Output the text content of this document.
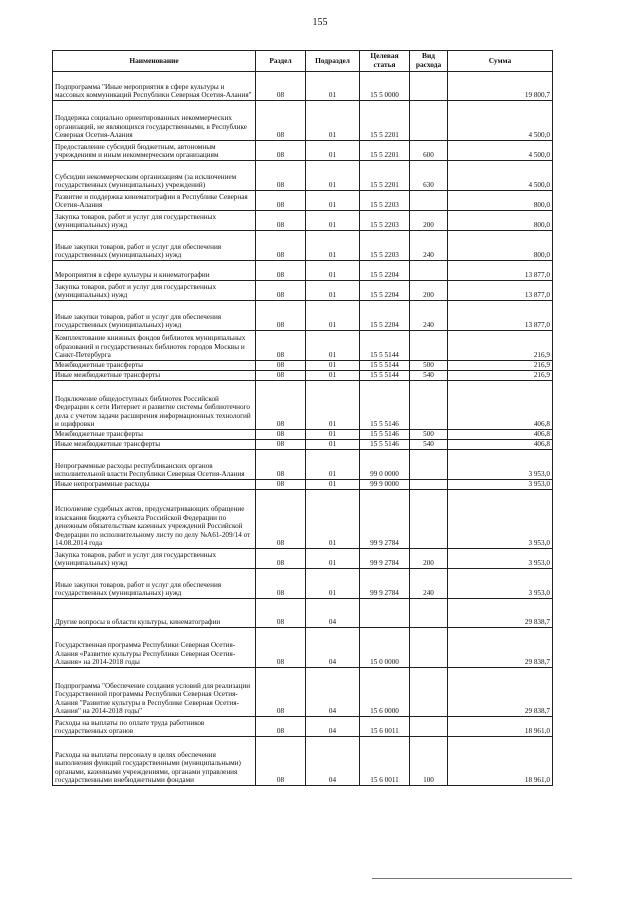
155
Наименование	Раздел	Подраздел	Целевая статья	Вид расхода	Сумма
Подпрограмма "Иные мероприятия в сфере культуры и массовых коммуникаций Республики Северная Осетия-Алания"	08	01	15 5 0000		19 800,7
Поддержка социально ориентированных некоммерческих организаций, не являющихся государственными, в Республике Северная Осетия-Алания	08	01	15 5 2201		4 500,0
Предоставление субсидий бюджетным, автономным учреждениям и иным некоммерческим организациям	08	01	15 5 2201	600	4 500,0
Субсидии некоммерческим организациям (за исключением государственных (муниципальных) учреждений)	08	01	15 5 2201	630	4 500,0
Развитие и поддержка кинематографии в Республике Северная Осетия-Алания	08	01	15 5 2203		800,0
Закупка товаров, работ и услуг для государственных (муниципальных) нужд	08	01	15 5 2203	200	800,0
Иные закупки товаров, работ и услуг для обеспечения государственных (муниципальных) нужд	08	01	15 5 2203	240	800,0
Мероприятия в сфере культуры и кинематографии	08	01	15 5 2204		13 877,0
Закупка товаров, работ и услуг для государственных (муниципальных) нужд	08	01	15 5 2204	200	13 877,0
Иные закупки товаров, работ и услуг для обеспечения государственных (муниципальных) нужд	08	01	15 5 2204	240	13 877,0
Комплектование книжных фондов библиотек муниципальных образований и государственных библиотек городов Москвы и Санкт-Петербурга	08	01	15 5 5144		216,9
Межбюджетные трансферты	08	01	15 5 5144	500	216,9
Иные межбюджетные трансферты	08	01	15 5 5144	540	216,9
Подключение общедоступных библиотек Российской Федерации к сети Интернет и развитие системы библиотечного дела с учетом задачи расширения информационных технологий и оцифровки	08	01	15 5 5146		406,8
Межбюджетные трансферты	08	01	15 5 5146	500	406,8
Иные межбюджетные трансферты	08	01	15 5 5146	540	406,8
Непрограммные расходы республиканских органов исполнительной власти Республики Северная Осетия-Алания	08	01	99 0 0000		3 953,0
Иные непрограммные расходы	08	01	99 9 0000		3 953,0
Исполнение судебных актов, предусматривающих обращение взыскания бюджета субъекта Российской Федерации по денежным обязательствам казенных учреждений Российской Федерации по исполнительному листу по делу №А61-209/14 от 14.08.2014 года	08	01	99 9 2784		3 953,0
Закупка товаров, работ и услуг для государственных (муниципальных) нужд	08	01	99 9 2784	200	3 953,0
Иные закупки товаров, работ и услуг для обеспечения государственных (муниципальных) нужд	08	01	99 9 2784	240	3 953,0
Другие вопросы в области культуры, кинематографии	08	04			29 838,7
Государственная программа Республики Северная Осетия-Алания «Развитие культуры Республики Северная Осетия-Алания» на 2014-2018 годы	08	04	15 0 0000		29 838,7
Подпрограмма "Обеспечение создания условий для реализации Государственной программы Республики Северная Осетия-Алания "Развитие культуры в Республике Северная Осетия-Алания" на 2014-2018 годы"	08	04	15 6 0000		29 838,7
Расходы на выплаты по оплате труда работников государственных органов	08	04	15 6 0011		18 961,0
Расходы на выплаты персоналу в целях обеспечения выполнения функций государственными (муниципальными) органами, казенными учреждениями, органами управления государственными внебюджетными фондами	08	04	15 6 0011	100	18 961,0
